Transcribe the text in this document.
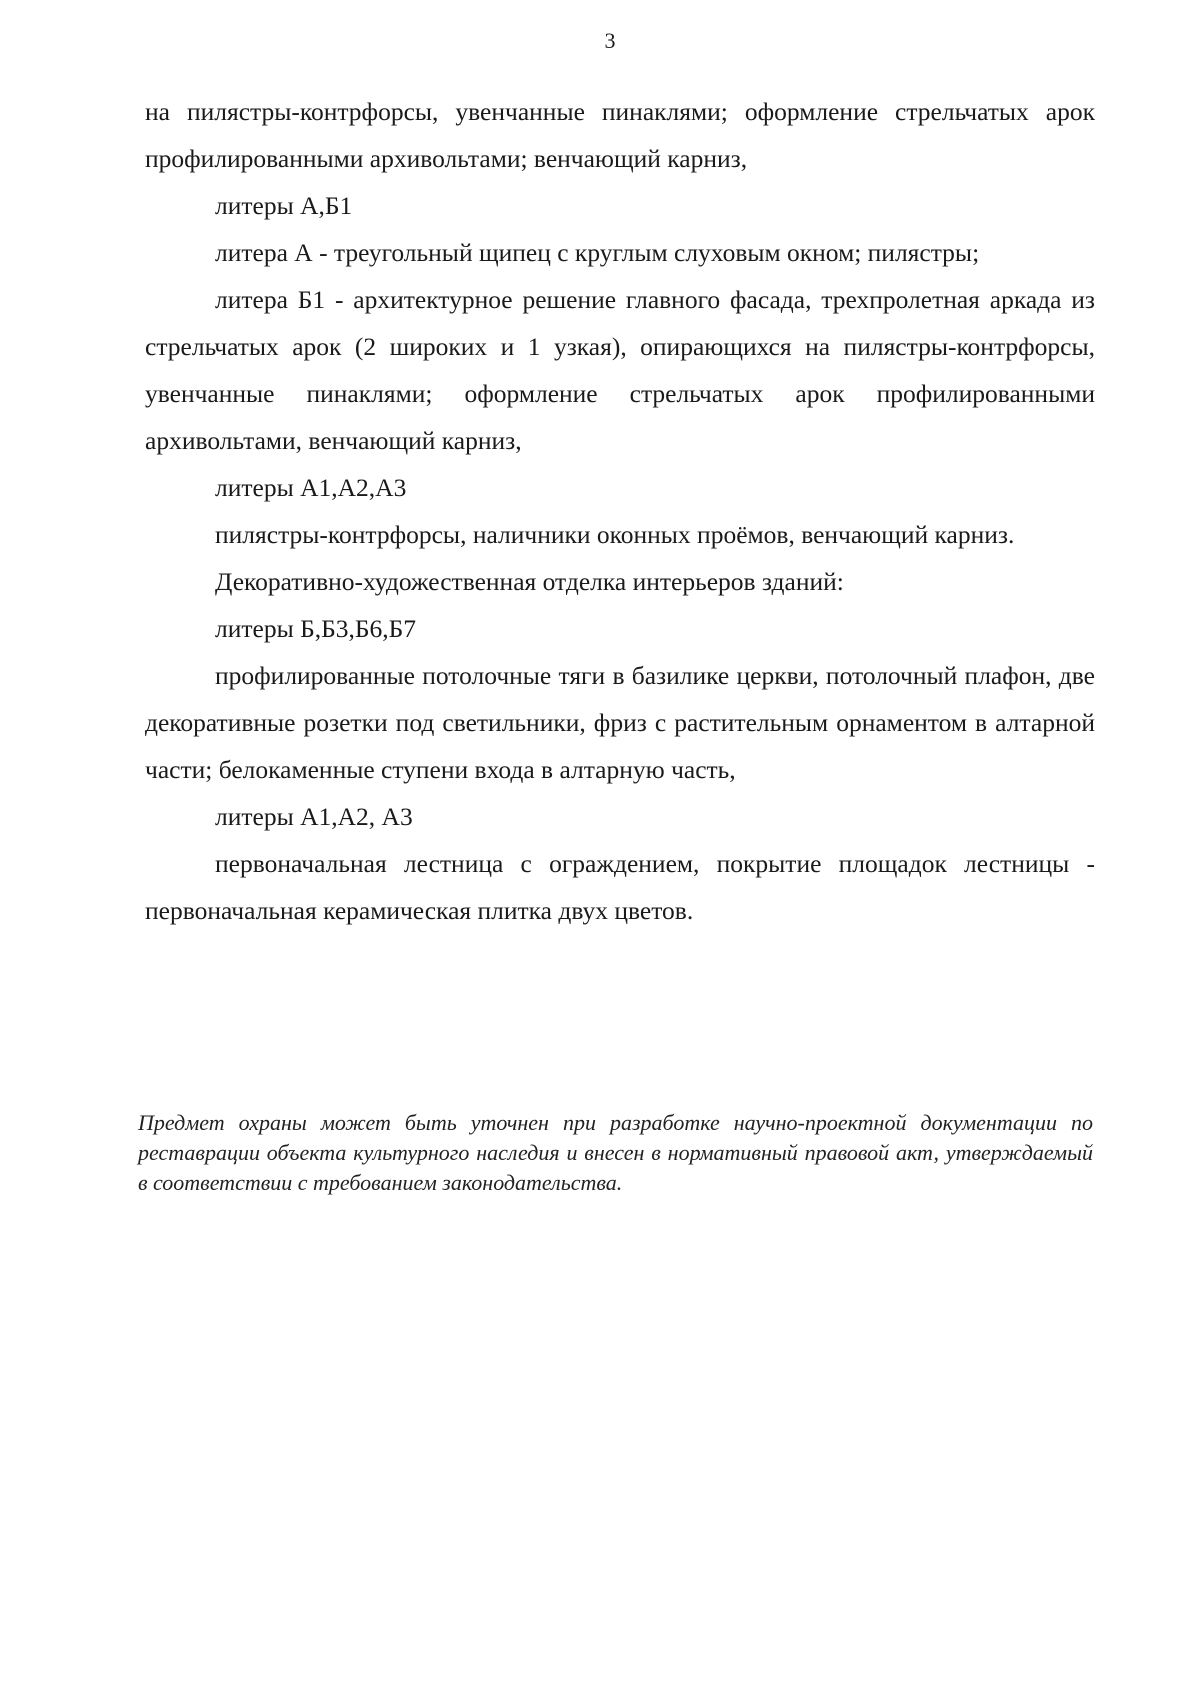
3

на пилястры-контрфорсы, увенчанные пинаклями; оформление стрельчатых арок профилированными архивольтами; венчающий карниз,

литеры А,Б1

литера А - треугольный щипец с круглым слуховым окном; пилястры;

литера Б1 - архитектурное решение главного фасада, трехпролетная аркада из стрельчатых арок (2 широких и 1 узкая), опирающихся на пилястры-контрфорсы, увенчанные пинаклями; оформление стрельчатых арок профилированными архивольтами, венчающий карниз,

литеры А1,А2,А3

пилястры-контрфорсы, наличники оконных проёмов, венчающий карниз.

Декоративно-художественная отделка интерьеров зданий:

литеры Б,Б3,Б6,Б7

профилированные потолочные тяги в базилике церкви, потолочный плафон, две декоративные розетки под светильники, фриз с растительным орнаментом в алтарной части; белокаменные ступени входа в алтарную часть,

литеры А1,А2, А3

первоначальная лестница с ограждением, покрытие площадок лестницы - первоначальная керамическая плитка двух цветов.

Предмет охраны может быть уточнен при разработке научно-проектной документации по реставрации объекта культурного наследия и внесен в нормативный правовой акт, утверждаемый в соответствии с требованием законодательства.
